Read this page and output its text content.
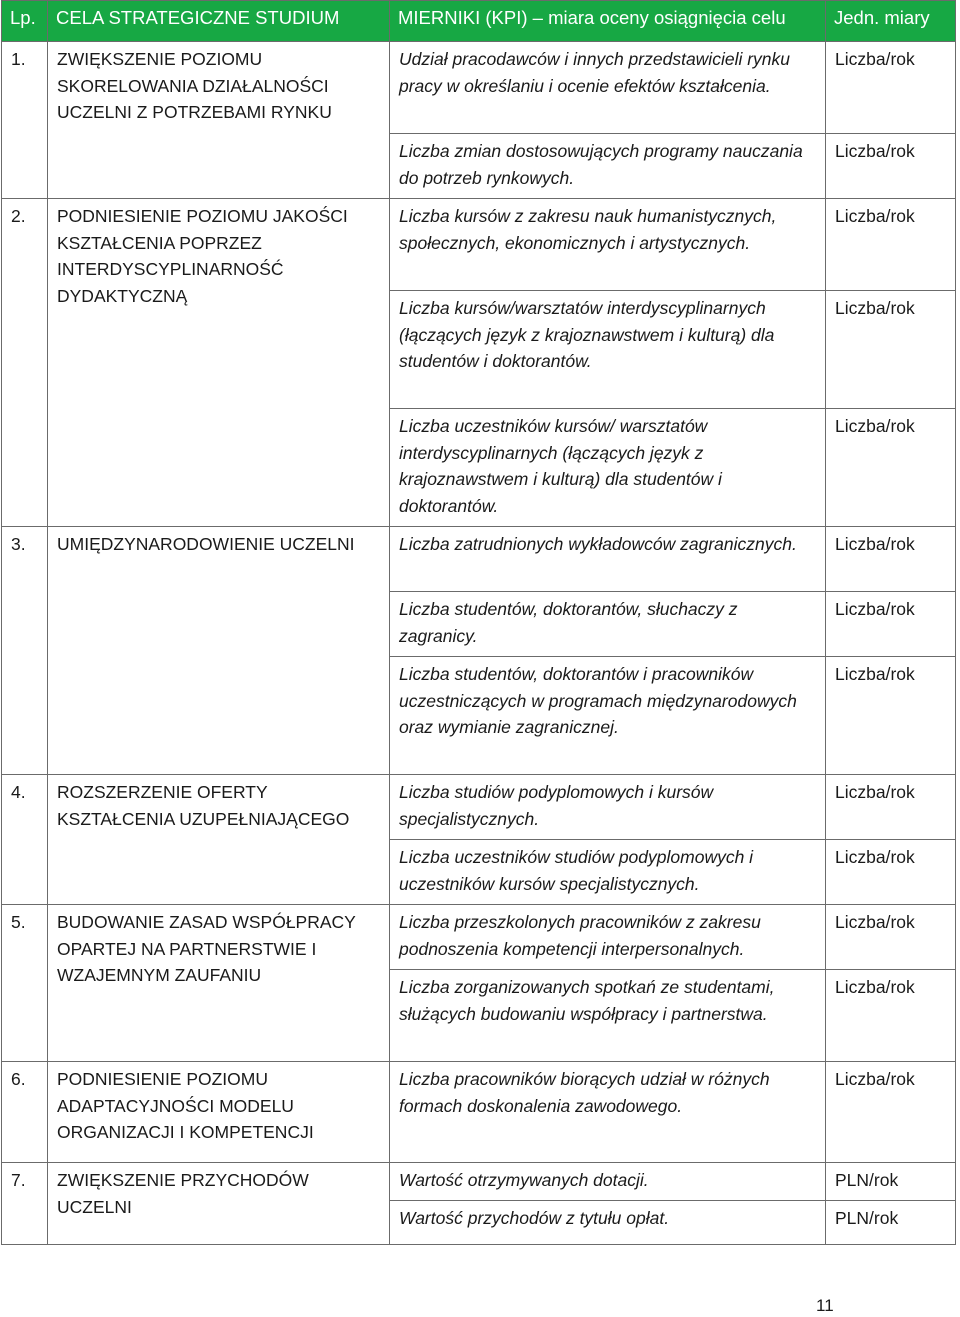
Lp.	CELA STRATEGICZNE STUDIUM	MIERNIKI (KPI) – miara oceny osiągnięcia celu	Jedn. miary
1.	ZWIĘKSZENIE POZIOMU SKORELOWANIA DZIAŁALNOŚCI UCZELNI Z POTRZEBAMI RYNKU	Udział pracodawców i innych przedstawicieli rynku pracy w określaniu i ocenie efektów kształcenia.	Liczba/rok
		Liczba zmian dostosowujących programy nauczania do potrzeb rynkowych.	Liczba/rok
2.	PODNIESIENIE POZIOMU JAKOŚCI KSZTAŁCENIA POPRZEZ INTERDYSCYPLINARNOŚĆ DYDAKTYCZNĄ	Liczba kursów z zakresu nauk humanistycznych, społecznych, ekonomicznych i artystycznych.	Liczba/rok
		Liczba kursów/warsztatów interdyscyplinarnych (łączących język z krajoznawstwem i kulturą) dla studentów i doktorantów.	Liczba/rok
		Liczba uczestników kursów/ warsztatów interdyscyplinarnych (łączących język z krajoznawstwem i kulturą) dla studentów i doktorantów.	Liczba/rok
3.	UMIĘDZYNARODOWIENIE UCZELNI	Liczba zatrudnionych wykładowców zagranicznych.	Liczba/rok
		Liczba studentów, doktorantów, słuchaczy z zagranicy.	Liczba/rok
		Liczba studentów, doktorantów i pracowników uczestniczących w programach międzynarodowych oraz wymianie zagranicznej.	Liczba/rok
4.	ROZSZERZENIE OFERTY KSZTAŁCENIA UZUPEŁNIAJĄCEGO	Liczba studiów podyplomowych i kursów specjalistycznych.	Liczba/rok
		Liczba uczestników studiów podyplomowych i uczestników kursów specjalistycznych.	Liczba/rok
5.	BUDOWANIE ZASAD WSPÓŁPRACY OPARTEJ NA PARTNERSTWIE I WZAJEMNYM ZAUFANIU	Liczba przeszkolonych pracowników z zakresu podnoszenia kompetencji interpersonalnych.	Liczba/rok
		Liczba zorganizowanych spotkań ze studentami, służących budowaniu współpracy i partnerstwa.	Liczba/rok
6.	PODNIESIENIE POZIOMU ADAPTACYJNOŚCI MODELU ORGANIZACJI I KOMPETENCJI	Liczba pracowników biorących udział w różnych formach doskonalenia zawodowego.	Liczba/rok
7.	ZWIĘKSZENIE PRZYCHODÓW UCZELNI	Wartość otrzymywanych dotacji.	PLN/rok
		Wartość przychodów z tytułu opłat.	PLN/rok
11
